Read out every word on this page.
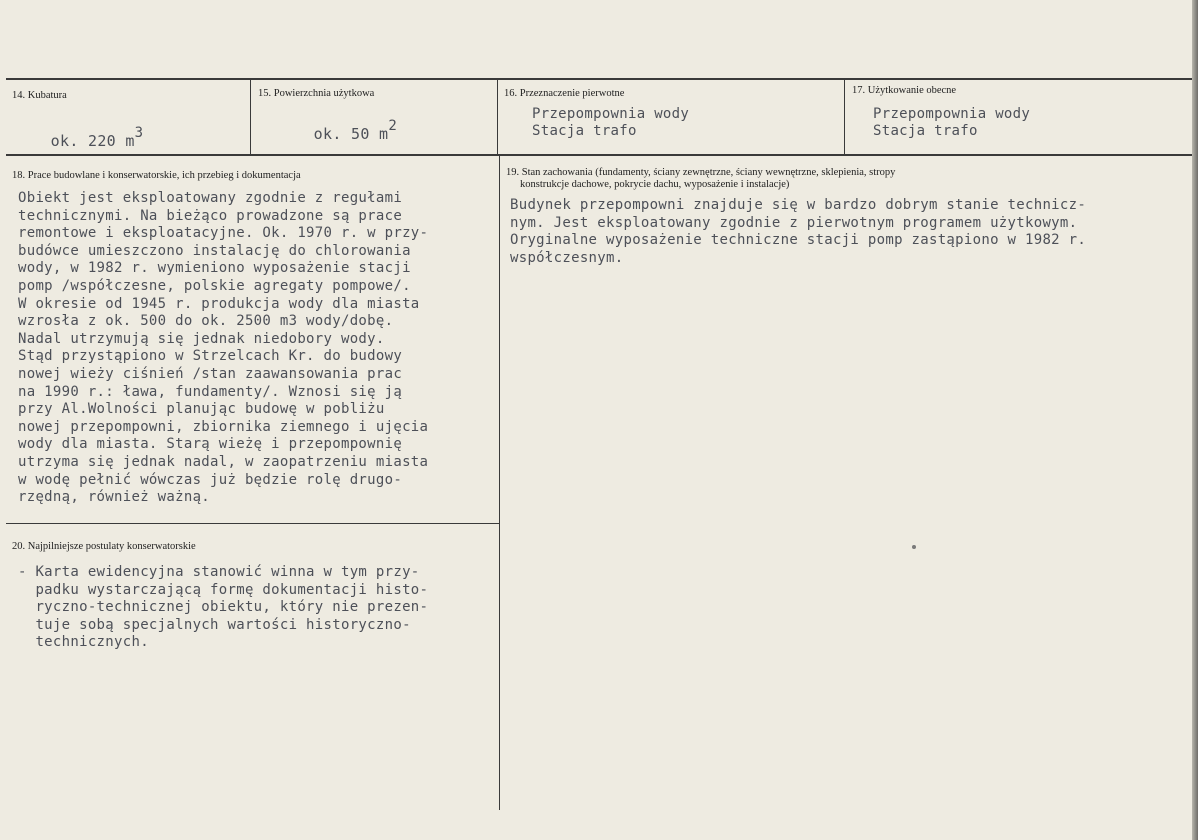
14. Kubatura

ok. 220 m3

15. Powierzchnia użytkowa

ok. 50 m2

16. Przeznaczenie pierwotne
Przepompownia wody
Stacja trafo
17. Użytkowanie obecne
Przepompownia wody
Stacja trafo
18. Prace budowlane i konserwatorskie, ich przebieg i dokumentacja
Obiekt jest eksploatowany zgodnie z regułami
technicznymi. Na bieżąco prowadzone są prace
remontowe i eksploatacyjne. Ok. 1970 r. w przy-
budówce umieszczono instalację do chlorowania
wody, w 1982 r. wymieniono wyposażenie stacji
pomp /współczesne, polskie agregaty pompowe/.
W okresie od 1945 r. produkcja wody dla miasta
wzrosła z ok. 500 do ok. 2500 m3 wody/dobę.
Nadal utrzymują się jednak niedobory wody.
Stąd przystąpiono w Strzelcach Kr. do budowy
nowej wieży ciśnień /stan zaawansowania prac
na 1990 r.: ława, fundamenty/. Wznosi się ją
przy Al.Wolności planując budowę w pobliżu
nowej przepompowni, zbiornika ziemnego i ujęcia
wody dla miasta. Starą wieżę i przepompownię
utrzyma się jednak nadal, w zaopatrzeniu miasta
w wodę pełnić wówczas już będzie rolę drugo-
rzędną, również ważną.
19. Stan zachowania (fundamenty, ściany zewnętrzne, ściany wewnętrzne, sklepienia, stropy
konstrukcje dachowe, pokrycie dachu, wyposażenie i instalacje)
Budynek przepompowni znajduje się w bardzo dobrym stanie technicz-
nym. Jest eksploatowany zgodnie z pierwotnym programem użytkowym.
Oryginalne wyposażenie techniczne stacji pomp zastąpiono w 1982 r.
współczesnym.
20. Najpilniejsze postulaty konserwatorskie
- Karta ewidencyjna stanowić winna w tym przy-
padku wystarczającą formę dokumentacji histo-
ryczno-technicznej obiektu, który nie prezen-
tuje sobą specjalnych wartości historyczno-
technicznych.
